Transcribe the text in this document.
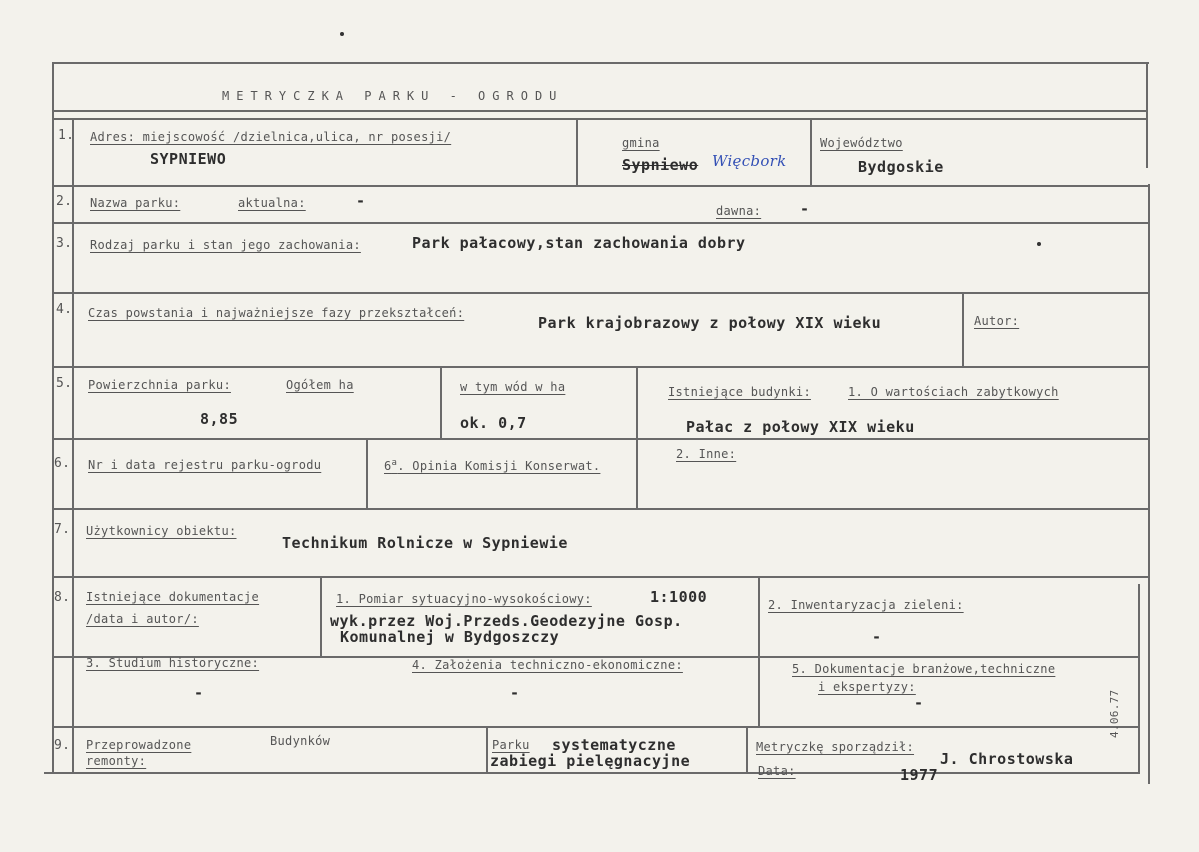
METRYCZKA PARKU - OGRODU
1. Adres: miejscowość /dzielnica,ulica, nr posesji/
SYPNIEWO
gmina
Sypniewo Więcbork
Województwo
Bydgoskie
2. Nazwa parku:	aktualna:	-
dawna:	-
3. Rodzaj parku i stan jego zachowania:	Park pałacowy,stan zachowania dobry
4. Czas powstania i najważniejsze fazy przekształceń:
Park krajobrazowy z połowy XIX wieku	Autor:
5. Powierzchnia parku:	Ogółem ha
8,85
w tym wód w ha
ok. 0,7
Istniejące budynki:	1. O wartościach zabytkowych
Pałac z połowy XIX wieku
6. Nr i data rejestru parku-ogrodu	6$^a$. Opinia Komisji Konserwat.
2. Inne:
7. Użytkownicy obiektu:
Technikum Rolnicze w Sypniewie
8. Istniejące dokumentacje
/data i autor/:
1. Pomiar sytuacyjno-wysokościowy:	1:1000
wyk.przez Woj.Przeds.Geodezyjne Gosp.
Komunalnej w Bydgoszczy
2. Inwentaryzacja zieleni:
-
3. Studium historyczne:
-
4. Założenia techniczno-ekonomiczne:
-
5. Dokumentacje branżowe,techniczne
i ekspertyzy:
-
9. Przeprowadzone
remonty:
Budynków	Parku systematyczne
zabiegi pielęgnacyjne
Metryczkę sporządził:
J. Chrostowska
Data:	1977
4.06.77
